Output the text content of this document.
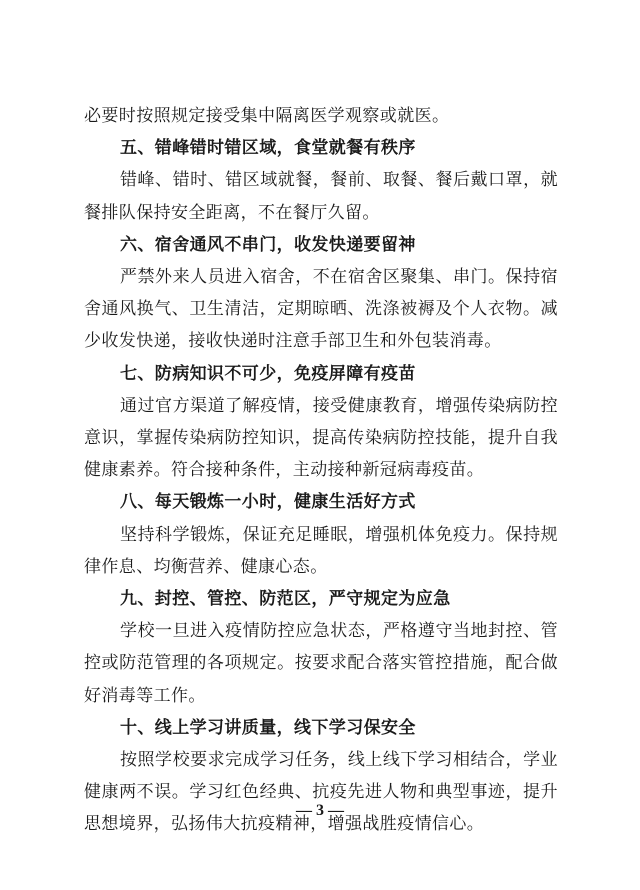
必要时按照规定接受集中隔离医学观察或就医。

五、错峰错时错区域，食堂就餐有秩序

错峰、错时、错区域就餐，餐前、取餐、餐后戴口罩，就餐排队保持安全距离，不在餐厅久留。

六、宿舍通风不串门，收发快递要留神

严禁外来人员进入宿舍，不在宿舍区聚集、串门。保持宿舍通风换气、卫生清洁，定期晾晒、洗涤被褥及个人衣物。减少收发快递，接收快递时注意手部卫生和外包装消毒。

七、防病知识不可少，免疫屏障有疫苗

通过官方渠道了解疫情，接受健康教育，增强传染病防控意识，掌握传染病防控知识，提高传染病防控技能，提升自我健康素养。符合接种条件，主动接种新冠病毒疫苗。

八、每天锻炼一小时，健康生活好方式

坚持科学锻炼，保证充足睡眠，增强机体免疫力。保持规律作息、均衡营养、健康心态。

九、封控、管控、防范区，严守规定为应急

学校一旦进入疫情防控应急状态，严格遵守当地封控、管控或防范管理的各项规定。按要求配合落实管控措施，配合做好消毒等工作。

十、线上学习讲质量，线下学习保安全

按照学校要求完成学习任务，线上线下学习相结合，学业健康两不误。学习红色经典、抗疫先进人物和典型事迹，提升思想境界，弘扬伟大抗疫精神，增强战胜疫情信心。

— 3 —
